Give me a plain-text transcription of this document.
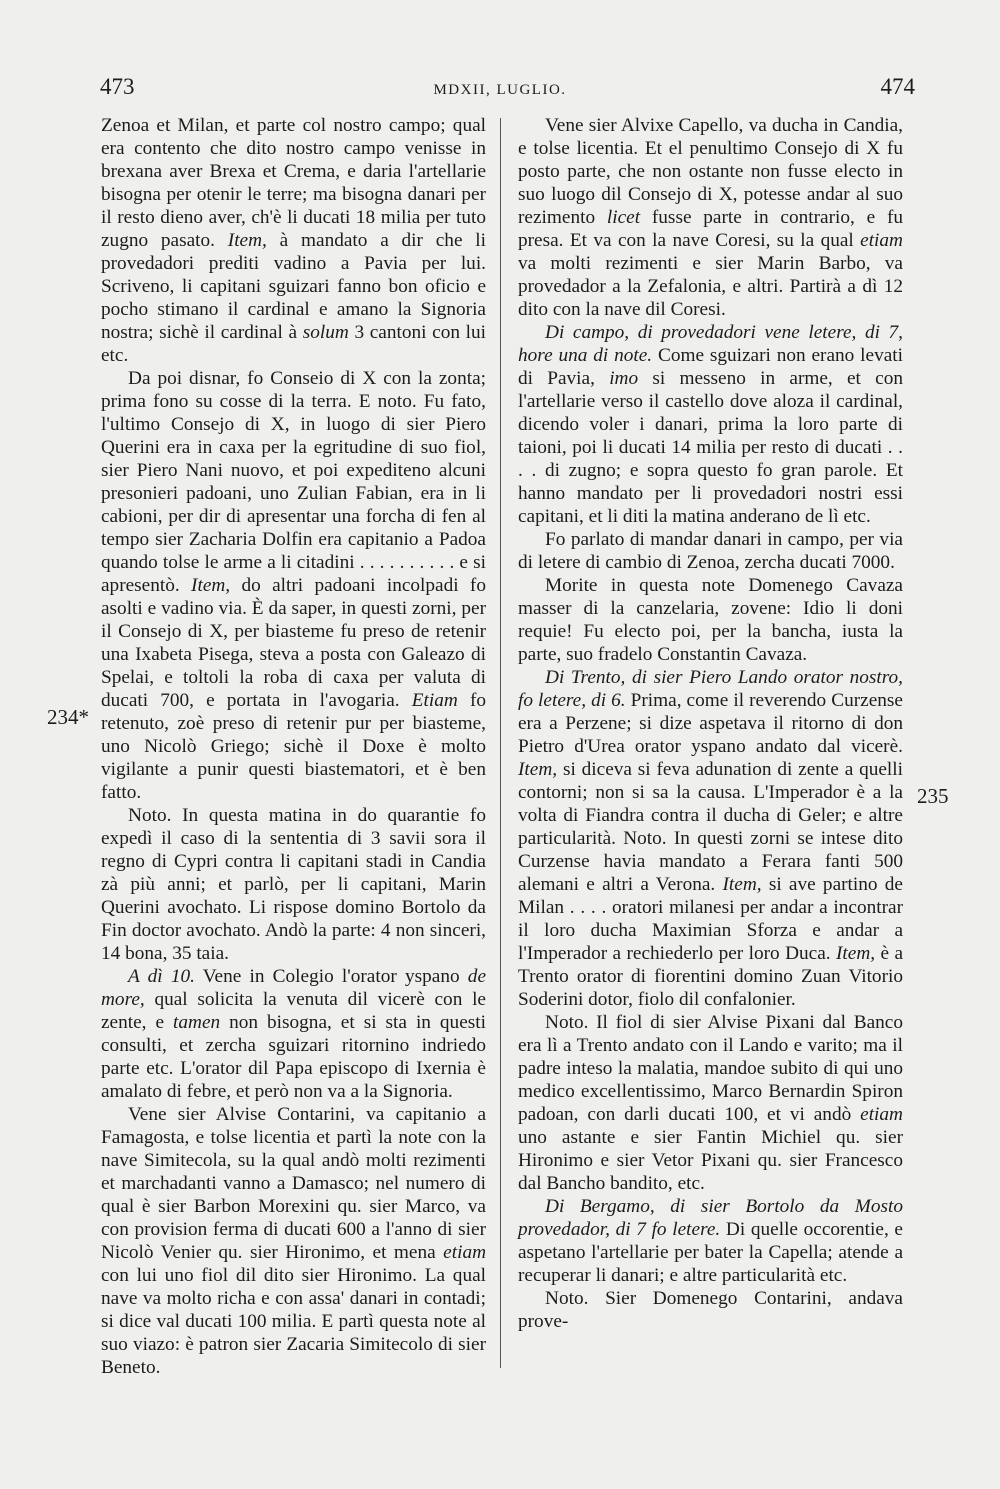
473	MDXII, LUGLIO.	474
234*
235

Zenoa et Milan, et parte col nostro campo; qual era contento che dito nostro campo venisse in brexana aver Brexa et Crema, e daria l'artellarie bisogna per otenir le terre; ma bisogna danari per il resto dieno aver, ch'è li ducati 18 milia per tuto zugno pasato. Item, à mandato a dir che li provedadori prediti vadino a Pavia per lui. Scriveno, li capitani sguizari fanno bon oficio e pocho stimano il cardinal e amano la Signoria nostra; sichè il cardinal à solum 3 cantoni con lui etc.

Da poi disnar, fo Conseio di X con la zonta; prima fono su cosse di la terra. E noto. Fu fato, l'ultimo Consejo di X, in luogo di sier Piero Querini era in caxa per la egritudine di suo fiol, sier Piero Nani nuovo, et poi expediteno alcuni presonieri padoani, uno Zulian Fabian, era in li cabioni, per dir di apresentar una forcha di fen al tempo sier Zacharia Dolfin era capitanio a Padoa quando tolse le arme a li citadini . . . . . . . . . . e si apresentò. Item, do altri padoani incolpadi fo asolti e vadino via. È da saper, in questi zorni, per il Consejo di X, per biasteme fu preso de retenir una Ixabeta Pisega, steva a posta con Galeazo di Spelai, e toltoli la roba di caxa per valuta di ducati 700, e portata in l'avogaria. Etiam fo retenuto, zoè preso di retenir pur per biasteme, uno Nicolò Griego; sichè il Doxe è molto vigilante a punir questi biastematori, et è ben fatto.

Noto. In questa matina in do quarantie fo expedì il caso di la sententia di 3 savii sora il regno di Cypri contra li capitani stadi in Candia zà più anni; et parlò, per li capitani, Marin Querini avochato. Li rispose domino Bortolo da Fin doctor avochato. Andò la parte: 4 non sinceri, 14 bona, 35 taia.

A dì 10. Vene in Colegio l'orator yspano de more, qual solicita la venuta dil vicerè con le zente, e tamen non bisogna, et si sta in questi consulti, et zercha sguizari ritornino indriedo parte etc. L'orator dil Papa episcopo di Ixernia è amalato di febre, et però non va a la Signoria.

Vene sier Alvise Contarini, va capitanio a Famagosta, e tolse licentia et partì la note con la nave Simitecola, su la qual andò molti rezimenti et marchadanti vanno a Damasco; nel numero di qual è sier Barbon Morexini qu. sier Marco, va con provision ferma di ducati 600 a l'anno di sier Nicolò Venier qu. sier Hironimo, et mena etiam con lui uno fiol dil dito sier Hironimo. La qual nave va molto richa e con assa' danari in contadi; si dice val ducati 100 milia. E partì questa note al suo viazo: è patron sier Zacaria Simitecolo di sier Beneto.

Vene sier Alvixe Capello, va ducha in Candia, e tolse licentia. Et el penultimo Consejo di X fu posto parte, che non ostante non fusse electo in suo luogo dil Consejo di X, potesse andar al suo rezimento licet fusse parte in contrario, e fu presa. Et va con la nave Coresi, su la qual etiam va molti rezimenti e sier Marin Barbo, va provedador a la Zefalonia, e altri. Partirà a dì 12 dito con la nave dil Coresi.

Di campo, di provedadori vene letere, di 7, hore una di note. Come sguizari non erano levati di Pavia, imo si messeno in arme, et con l'artellarie verso il castello dove aloza il cardinal, dicendo voler i danari, prima la loro parte di taioni, poi li ducati 14 milia per resto di ducati . . . . di zugno; e sopra questo fo gran parole. Et hanno mandato per li provedadori nostri essi capitani, et li diti la matina anderano de lì etc.

Fo parlato di mandar danari in campo, per via di letere di cambio di Zenoa, zercha ducati 7000.

Morite in questa note Domenego Cavaza masser di la canzelaria, zovene: Idio li doni requie! Fu electo poi, per la bancha, iusta la parte, suo fradelo Constantin Cavaza.

Di Trento, di sier Piero Lando orator nostro, fo letere, di 6. Prima, come il reverendo Curzense era a Perzene; si dize aspetava il ritorno di don Pietro d'Urea orator yspano andato dal vicerè. Item, si diceva si feva adunation di zente a quelli contorni; non si sa la causa. L'Imperador è a la volta di Fiandra contra il ducha di Geler; e altre particularità. Noto. In questi zorni se intese dito Curzense havia mandato a Ferara fanti 500 alemani e altri a Verona. Item, si ave partino de Milan . . . . oratori milanesi per andar a incontrar il loro ducha Maximian Sforza e andar a l'Imperador a rechiederlo per loro Duca. Item, è a Trento orator di fiorentini domino Zuan Vitorio Soderini dotor, fiolo dil confalonier.

Noto. Il fiol di sier Alvise Pixani dal Banco era lì a Trento andato con il Lando e varito; ma il padre inteso la malatia, mandoe subito di qui uno medico excellentissimo, Marco Bernardin Spiron padoan, con darli ducati 100, et vi andò etiam uno astante e sier Fantin Michiel qu. sier Hironimo e sier Vetor Pixani qu. sier Francesco dal Bancho bandito, etc.

Di Bergamo, di sier Bortolo da Mosto provedador, di 7 fo letere. Di quelle occorentie, e aspetano l'artellarie per bater la Capella; atende a recuperar li danari; e altre particularità etc.

Noto. Sier Domenego Contarini, andava prove-
